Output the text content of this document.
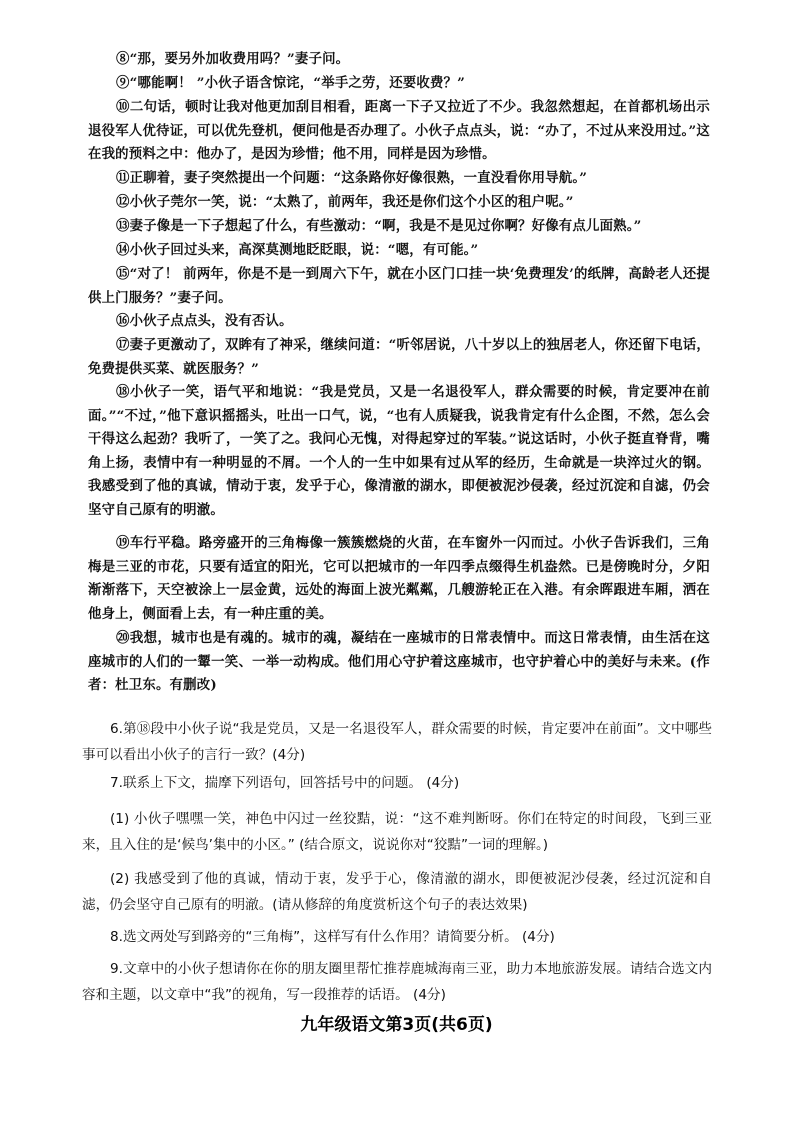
⑧“那，要另外加收费用吗？”妻子问。
⑨“哪能啊！ ”小伙子语含惊诧，“举手之劳，还要收费？”
⑩二句话，顿时让我对他更加刮目相看，距离一下子又拉近了不少。我忽然想起，在首都机场出示退役军人优待证，可以优先登机，便问他是否办理了。小伙子点点头，说：“办了，不过从来没用过。”这在我的预料之中：他办了，是因为珍惜；他不用，同样是因为珍惜。
⑪正聊着，妻子突然提出一个问题：“这条路你好像很熟，一直没看你用导航。”
⑫小伙子莞尔一笑，说：“太熟了，前两年，我还是你们这个小区的租户呢。”
⑬妻子像是一下子想起了什么，有些激动：“啊，我是不是见过你啊？好像有点儿面熟。”
⑭小伙子回过头来，高深莫测地眨眨眼，说：“嗯，有可能。”
⑮“对了！ 前两年，你是不是一到周六下午，就在小区门口挂一块‘免费理发’的纸牌，高龄老人还提供上门服务？”妻子问。
⑯小伙子点点头，没有否认。
⑰妻子更激动了，双眸有了神采，继续问道：“听邻居说，八十岁以上的独居老人，你还留下电话，免费提供买菜、就医服务？”
⑱小伙子一笑，语气平和地说：“我是党员，又是一名退役军人，群众需要的时候，肯定要冲在前面。”“不过，”他下意识摇摇头，吐出一口气，说，“也有人质疑我，说我肯定有什么企图，不然，怎么会干得这么起劲？我听了，一笑了之。我问心无愧，对得起穿过的军装。”说这话时，小伙子挺直脊背，嘴角上扬，表情中有一种明显的不屑。一个人的一生中如果有过从军的经历，生命就是一块淬过火的钢。我感受到了他的真诚，情动于衷，发乎于心，像清澈的湖水，即便被泥沙侵袭，经过沉淀和自滤，仍会坚守自己原有的明澈。
⑲车行平稳。路旁盛开的三角梅像一簇簇燃烧的火苗，在车窗外一闪而过。小伙子告诉我们，三角梅是三亚的市花，只要有适宜的阳光，它可以把城市的一年四季点缀得生机盎然。已是傍晚时分，夕阳渐渐落下，天空被涂上一层金黄，远处的海面上波光粼粼，几艘游轮正在入港。有余晖跟进车厢，洒在他身上，侧面看上去，有一种庄重的美。
⑳我想，城市也是有魂的。城市的魂，凝结在一座城市的日常表情中。而这日常表情，由生活在这座城市的人们的一颦一笑、一举一动构成。他们用心守护着这座城市，也守护着心中的美好与未来。(作者：杜卫东。有删改)
6.第⑱段中小伙子说“我是党员，又是一名退役军人，群众需要的时候，肯定要冲在前面”。文中哪些事可以看出小伙子的言行一致？(4分)
7.联系上下文，揣摩下列语句，回答括号中的问题。 (4分)
(1) 小伙子嘿嘿一笑，神色中闪过一丝狡黠，说：“这不难判断呀。你们在特定的时间段，飞到三亚来，且入住的是‘候鸟’集中的小区。” (结合原文，说说你对“狡黠”一词的理解。)
(2) 我感受到了他的真诚，情动于衷，发乎于心，像清澈的湖水，即便被泥沙侵袭，经过沉淀和自滤，仍会坚守自己原有的明澈。(请从修辞的角度赏析这个句子的表达效果)
8.选文两处写到路旁的“三角梅”，这样写有什么作用？请简要分析。 (4分)
9.文章中的小伙子想请你在你的朋友圈里帮忙推荐鹿城海南三亚，助力本地旅游发展。请结合选文内容和主题，以文章中“我”的视角，写一段推荐的话语。 (4分)
九年级语文第3页(共6页)
